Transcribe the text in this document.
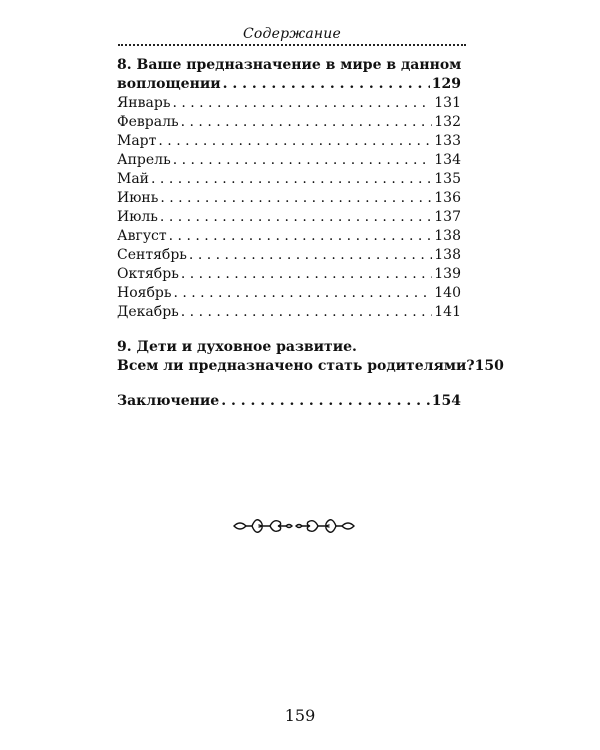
Содержание
8. Ваше предназначение в мире в данном
воплощении . . .	129
Январь . . .	131
Февраль . . .	132
Март . . .	133
Апрель . . .	134
Май . . .	135
Июнь . . .	136
Июль . . .	137
Август . . .	138
Сентябрь . . .	138
Октябрь . . .	139
Ноябрь . . .	140
Декабрь . . .	141
9. Дети и духовное развитие.
Всем ли предназначено стать родителями? 150
Заключение . . .	154
159
